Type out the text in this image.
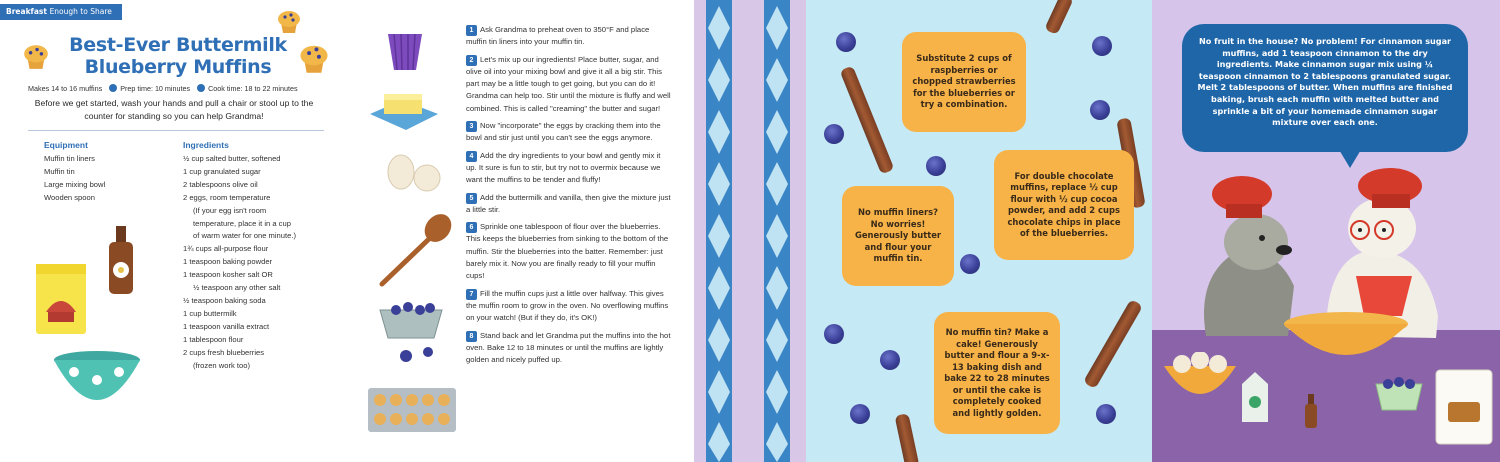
Breakfast Enough to Share
Best-Ever Buttermilk
Blueberry Muffins
Makes 14 to 16 muffins	Prep time: 10 minutes	Cook time: 18 to 22 minutes

Before we get started, wash your hands and pull a chair or stool up to the counter for standing so you can help Grandma!

Equipment
Muffin tin liners
Muffin tin
Large mixing bowl
Wooden spoon
Ingredients
½ cup salted butter, softened
1 cup granulated sugar
2 tablespoons olive oil
2 eggs, room temperature
(If your egg isn't room
temperature, place it in a cup
of warm water for one minute.)
1¾ cups all-purpose flour
1 teaspoon baking powder
1 teaspoon kosher salt OR
½ teaspoon any other salt
½ teaspoon baking soda
1 cup buttermilk
1 teaspoon vanilla extract
1 tablespoon flour
2 cups fresh blueberries
(frozen work too)
1 Ask Grandma to preheat oven to 350°F and place muffin tin liners into your muffin tin.
2 Let's mix up our ingredients! Place butter, sugar, and olive oil into your mixing bowl and give it all a big stir. This part may be a little tough to get going, but you can do it! Grandma can help too. Stir until the mixture is fluffy and well combined. This is called "creaming" the butter and sugar!
3 Now "incorporate" the eggs by cracking them into the bowl and stir just until you can't see the eggs anymore.
4 Add the dry ingredients to your bowl and gently mix it up. It sure is fun to stir, but try not to overmix because we want the muffins to be tender and fluffy!
5 Add the buttermilk and vanilla, then give the mixture just a little stir.
6 Sprinkle one tablespoon of flour over the blueberries. This keeps the blueberries from sinking to the bottom of the muffin. Stir the blueberries into the batter. Remember: just barely mix it. Now you are finally ready to fill your muffin cups!
7 Fill the muffin cups just a little over halfway. This gives the muffin room to grow in the oven. No overflowing muffins on your watch! (But if they do, it's OK!)
8 Stand back and let Grandma put the muffins into the hot oven. Bake 12 to 18 minutes or until the muffins are lightly golden and nicely puffed up.
Substitute 2 cups of raspberries or chopped strawberries for the blueberries or try a combination.
For double chocolate muffins, replace ½ cup flour with ½ cup cocoa powder, and add 2 cups chocolate chips in place of the blueberries.
No muffin liners? No worries! Generously butter and flour your muffin tin.
No muffin tin? Make a cake! Generously butter and flour a 9-x-13 baking dish and bake 22 to 28 minutes or until the cake is completely cooked and lightly golden.
No fruit in the house? No problem! For cinnamon sugar muffins, add 1 teaspoon cinnamon to the dry ingredients. Make cinnamon sugar mix using ¼ teaspoon cinnamon to 2 tablespoons granulated sugar. Melt 2 tablespoons of butter. When muffins are finished baking, brush each muffin with melted butter and sprinkle a bit of your homemade cinnamon sugar mixture over each one.
